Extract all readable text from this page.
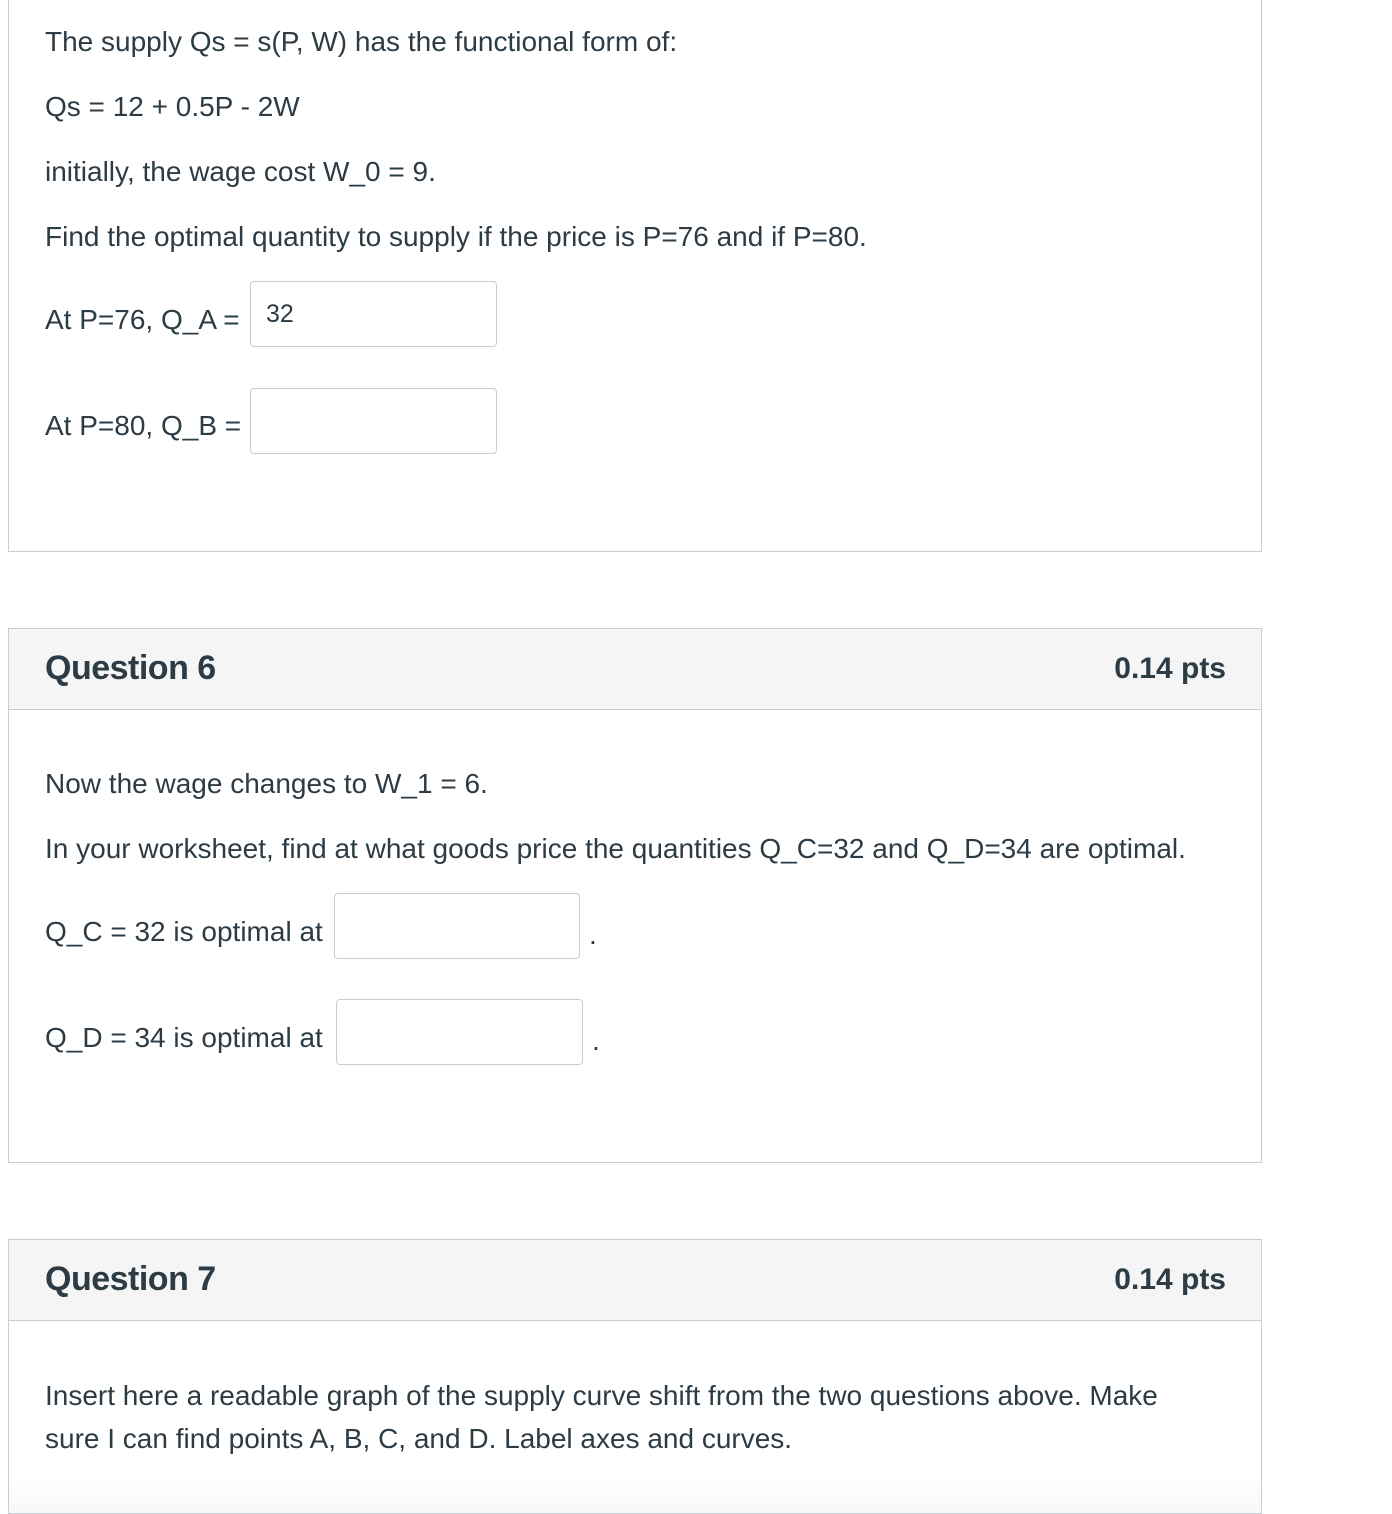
The supply Qs = s(P, W) has the functional form of:
Qs = 12 + 0.5P - 2W
initially, the wage cost W_0 = 9.
Find the optimal quantity to supply if the price is P=76 and if P=80.
At P=76, Q_A =
32
At P=80, Q_B =
Question 6	0.14 pts
Now the wage changes to W_1 = 6.
In your worksheet, find at what goods price the quantities Q_C=32 and Q_D=34 are optimal.
Q_C = 32 is optimal at	.
Q_D = 34 is optimal at	.
Question 7	0.14 pts
Insert here a readable graph of the supply curve shift from the two questions above. Make sure I can find points A, B, C, and D. Label axes and curves.
